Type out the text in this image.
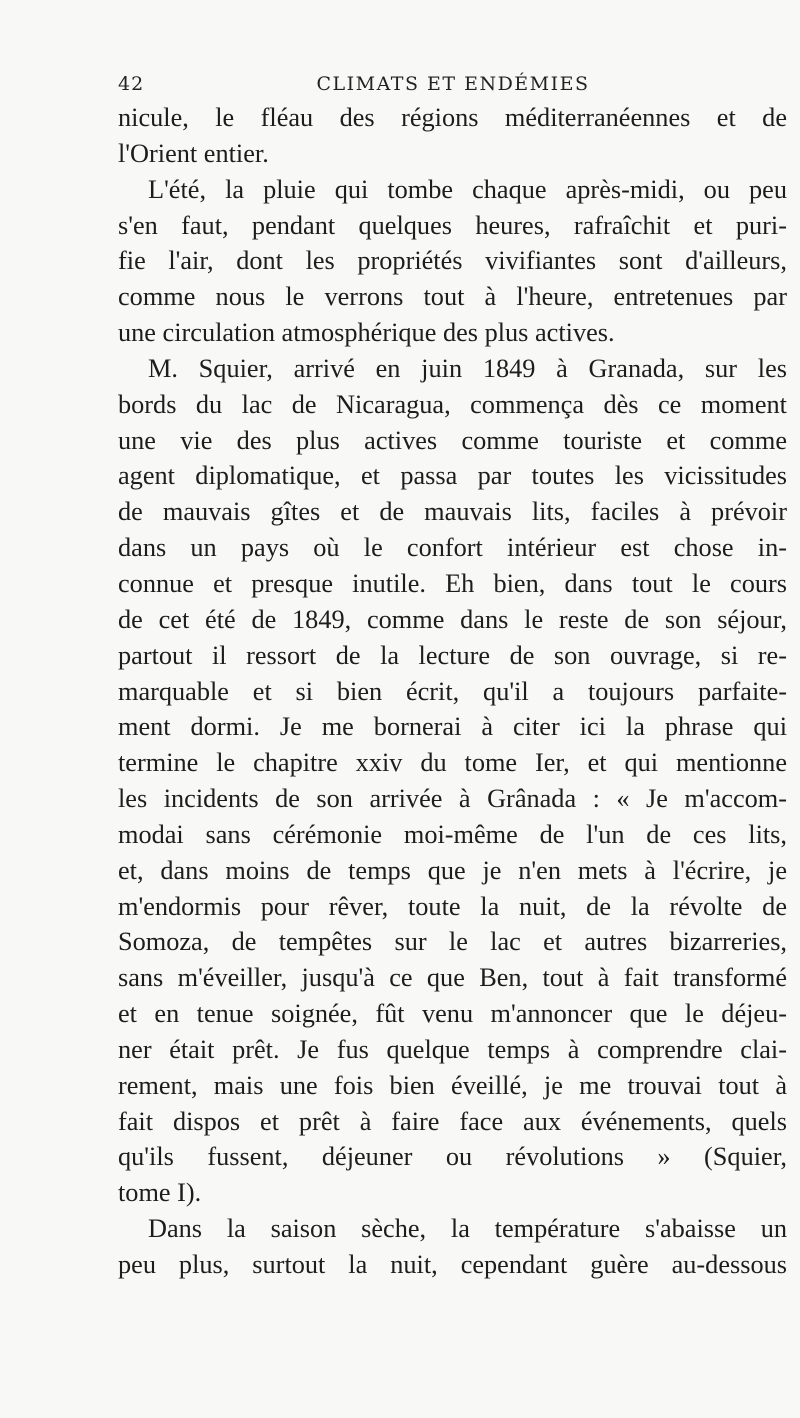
42	CLIMATS ET ENDÉMIES
nicule, le fléau des régions méditerranéennes et de
l'Orient entier.
L'été, la pluie qui tombe chaque après-midi, ou peu
s'en faut, pendant quelques heures, rafraîchit et puri-
fie l'air, dont les propriétés vivifiantes sont d'ailleurs,
comme nous le verrons tout à l'heure, entretenues par
une circulation atmosphérique des plus actives.
M. Squier, arrivé en juin 1849 à Granada, sur les
bords du lac de Nicaragua, commença dès ce moment
une vie des plus actives comme touriste et comme
agent diplomatique, et passa par toutes les vicissitudes
de mauvais gîtes et de mauvais lits, faciles à prévoir
dans un pays où le confort intérieur est chose in-
connue et presque inutile. Eh bien, dans tout le cours
de cet été de 1849, comme dans le reste de son séjour,
partout il ressort de la lecture de son ouvrage, si re-
marquable et si bien écrit, qu'il a toujours parfaite-
ment dormi. Je me bornerai à citer ici la phrase qui
termine le chapitre xxiv du tome Ier, et qui mentionne
les incidents de son arrivée à Grânada : « Je m'accom-
modai sans cérémonie moi-même de l'un de ces lits,
et, dans moins de temps que je n'en mets à l'écrire, je
m'endormis pour rêver, toute la nuit, de la révolte de
Somoza, de tempêtes sur le lac et autres bizarreries,
sans m'éveiller, jusqu'à ce que Ben, tout à fait transformé
et en tenue soignée, fût venu m'annoncer que le déjeu-
ner était prêt. Je fus quelque temps à comprendre clai-
rement, mais une fois bien éveillé, je me trouvai tout à
fait dispos et prêt à faire face aux événements, quels
qu'ils fussent, déjeuner ou révolutions » (Squier,
tome I).
Dans la saison sèche, la température s'abaisse un
peu plus, surtout la nuit, cependant guère au-dessous
